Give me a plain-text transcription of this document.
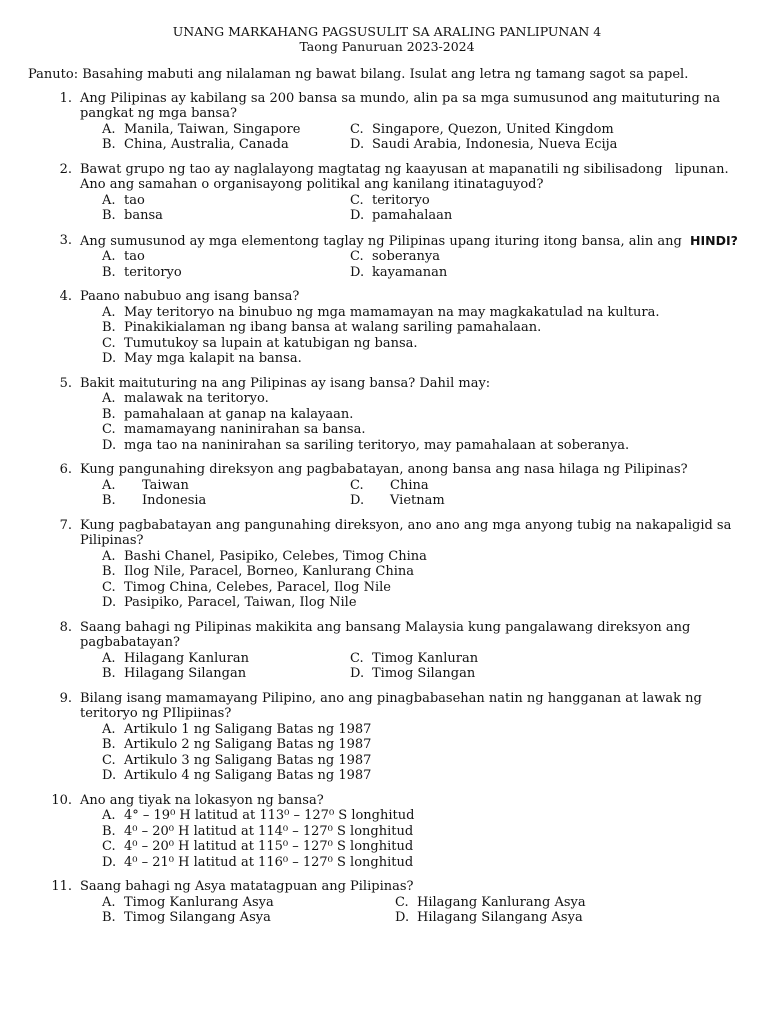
UNANG MARKAHANG PAGSUSULIT SA ARALING PANLIPUNAN 4
Taong Panuruan 2023-2024
Panuto: Basahing mabuti ang nilalaman ng bawat bilang. Isulat ang letra ng tamang sagot sa papel.
1. Ang Pilipinas ay kabilang sa 200 bansa sa mundo, alin pa sa mga sumusunod ang maituturing na   pangkat ng mga bansa?
A. Manila, Taiwan, Singapore	C. Singapore, Quezon, United Kingdom
B. China, Australia, Canada	D. Saudi Arabia, Indonesia, Nueva Ecija
2. Bawat grupo ng tao ay naglalayong magtatag ng kaayusan at mapanatili ng sibilisadong   lipunan. Ano ang samahan o organisayong politikal ang kanilang itinataguyod?
A. tao	C. teritoryo
B. bansa	D. pamahalaan
3. Ang sumusunod ay mga elementong taglay ng Pilipinas upang ituring itong bansa, alin ang  HINDI?
A. tao	C. soberanya
B. teritoryo	D. kayamanan
4. Paano nabubuo ang isang bansa?
A. May teritoryo na binubuo ng mga mamamayan na may magkakatulad na kultura.
B. Pinakikialaman ng ibang bansa at walang sariling pamahalaan.
C. Tumutukoy sa lupain at katubigan ng bansa.
D. May mga kalapit na bansa.
5. Bakit maituturing na ang Pilipinas ay isang bansa? Dahil may:
A. malawak na teritoryo.
B. pamahalaan at ganap na kalayaan.
C. mamamayang naninirahan sa bansa.
D. mga tao na naninirahan sa sariling teritoryo, may pamahalaan at soberanya.
6. Kung pangunahing direksyon ang pagbabatayan, anong bansa ang nasa hilaga ng Pilipinas?
A.	Taiwan	C.	China
B.	Indonesia	D.	Vietnam
7. Kung pagbabatayan ang pangunahing direksyon, ano ano ang mga anyong tubig na nakapaligid sa Pilipinas?
A. Bashi Chanel, Pasipiko, Celebes, Timog China
B. Ilog Nile, Paracel, Borneo, Kanlurang China
C. Timog China, Celebes, Paracel, Ilog Nile
D. Pasipiko, Paracel, Taiwan, Ilog Nile
8. Saang bahagi ng Pilipinas makikita ang bansang Malaysia kung pangalawang direksyon ang   pagbabatayan?
A. Hilagang Kanluran	C. Timog Kanluran
B. Hilagang Silangan	D. Timog Silangan
9. Bilang isang mamamayang Pilipino, ano ang pinagbabasehan natin ng hangganan at lawak ng   teritoryo ng PIlipiinas?
A. Artikulo 1 ng Saligang Batas ng 1987
B. Artikulo 2 ng Saligang Batas ng 1987
C. Artikulo 3 ng Saligang Batas ng 1987
D. Artikulo 4 ng Saligang Batas ng 1987
10. Ano ang tiyak na lokasyon ng bansa?
A. 4° – 19⁰ H latitud at 113⁰ – 127⁰ S longhitud
B. 4⁰ – 20⁰ H latitud at 114⁰ – 127⁰ S longhitud
C. 4⁰ – 20⁰ H latitud at 115⁰ – 127⁰ S longhitud
D. 4⁰ – 21⁰ H latitud at 116⁰ – 127⁰ S longhitud
11. Saang bahagi ng Asya matatagpuan ang Pilipinas?
A. Timog Kanlurang Asya	C. Hilagang Kanlurang Asya
B. Timog Silangang Asya	D. Hilagang Silangang Asya
